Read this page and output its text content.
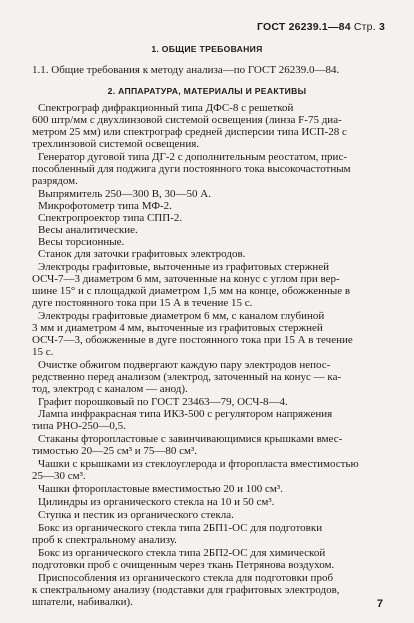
ГОСТ 26239.1—84 Стр. 3
1. ОБЩИЕ ТРЕБОВАНИЯ
1.1. Общие требования к методу анализа—по ГОСТ 26239.0—84.
2. АППАРАТУРА, МАТЕРИАЛЫ И РЕАКТИВЫ
Спектрограф дифракционный типа ДФС-8 с решеткой
600 штр/мм с двухлинзовой системой освещения (линза F-75 диа-
метром 25 мм) или спектрограф средней дисперсии типа ИСП-28 с
трехлинзовой системой освещения.
Генератор дуговой типа ДГ-2 с дополнительным реостатом, прис-
пособленный для поджига дуги постоянного тока высокочастотным
разрядом.
Выпрямитель 250—300 В, 30—50 А.
Микрофотометр типа МФ-2.
Спектропроектор типа СПП-2.
Весы аналитические.
Весы торсионные.
Станок для заточки графитовых электродов.
Электроды графитовые, выточенные из графитовых стержней
ОСЧ-7—3 диаметром 6 мм, заточенные на конус с углом при вер-
шине 15° и с площадкой диаметром 1,5 мм на конце, обожженные в
дуге постоянного тока при 15 А в течение 15 с.
Электроды графитовые диаметром 6 мм, с каналом глубиной
3 мм и диаметром 4 мм, выточенные из графитовых стержней
ОСЧ-7—3, обожженные в дуге постоянного тока при 15 А в течение
15 с.
Очистке обжигом подвергают каждую пару электродов непос-
редственно перед анализом (электрод, заточенный на конус — ка-
тод, электрод с каналом — анод).
Графит порошковый по ГОСТ 23463—79, ОСЧ-8—4.
Лампа инфракрасная типа ИКЗ-500 с регулятором напряжения
типа РНО-250—0,5.
Стаканы фторопластовые с завинчивающимися крышками вмес-
тимостью 20—25 см³ и 75—80 см³.
Чашки с крышками из стеклоуглерода и фторопласта вместимостью
25—30 см³.
Чашки фторопластовые вместимостью 20 и 100 см³.
Цилиндры из органического стекла на 10 и 50 см³.
Ступка и пестик из органического стекла.
Бокс из органического стекла типа 2БП1-ОС для подготовки
проб к спектральному анализу.
Бокс из органического стекла типа 2БП2-ОС для химической
подготовки проб с очищенным через ткань Петрянова воздухом.
Приспособления из органического стекла для подготовки проб
к спектральному анализу (подставки для графитовых электродов,
шпатели, набивалки).	7
